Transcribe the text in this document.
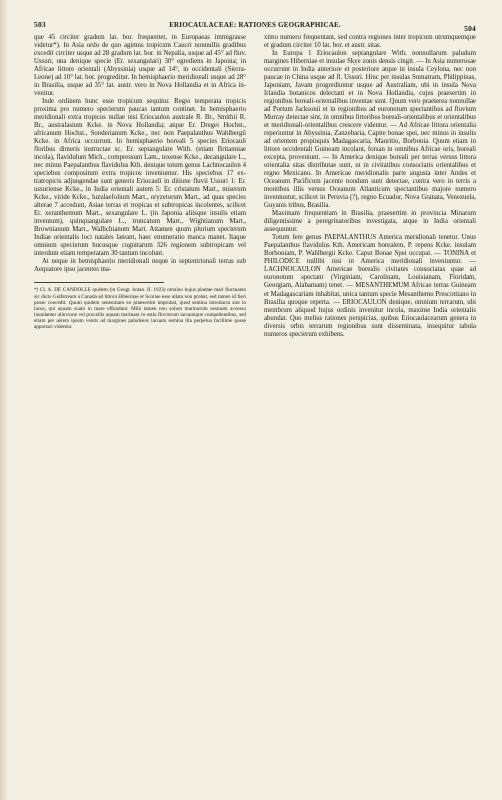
503	ERIOCAULACEAE: RATIONES GEOGRAPHICAE.	504

que 45 circiter gradum lat. bor. frequentet, in Europaeas immigrasse videtur*). In Asia ordo de quo agimus tropicum Caucri nonnullis gradibus excedit circiter usque ad 28 gradum lat. bor. in Nepalia, usque ad 45° ad fluv. Ussuri, una denique specie (Er. sexangulari) 30° egrediens in Japonia; in Africae littore orientali (Abyssinia) usque ad 14°, in occidentali (Sierra-Leone) ad 10° lat. bor. progreditur. In hemisphaerio meridionali usque ad 28° in Brasilia, usque ad 35° lat. austr. vero in Nova Hollandia et in Africa invenitur.

Inde ordinem hunc esse tropicum sequitur. Regio temperata tropicis proxima pro numero specierum paucas tantum continet. In hemisphaerio meridionali extra tropicos nullae nisi Eriocaulon australe R. Br., Smithii R. Br., australasium Kcke. in Nova Hollandia; atque Er. Dregei Hochst., africanum Hochst., Sonderianum Kcke., nec non Paepalanthus Wahlbergii Kcke. in Africa occurrunt. In hemisphaerio boreali 5 species Eriocauli floribus dimeris instructae sc. Er. septangulare With. (etiam Britanniae incola), flavidulum Mich., compressum Lam., texense Kcke., decangulare L., nec minus Paepalanthus flavidulus Kth. denique totum genus Lachnocaulon 4 speciebus compositum extra tropicos inveniuntur. His speciebus 17 extratropicis adjungendae sunt generis Eriocauli in ditione fluvii Ussuri 1: Er. ussuriense Kcke., in India orientali autem 5: Er. cristatum Mart., miserum Kcke., viride Kcke., luzulaefolium Mart., oryzetorum Mart., ad quas species alterae 7 accedunt, Asiae terras et tropicas et subtropicas incolentes, scilicet Er. xeranthemum Mart., sexangulare L. (in Japonia aliisque insulis etiam inventum), quinquangulare L., truncatum Mart., Wightianum Mart., Brownianum Mart., Wallichianum Mart. Attamen quum plurium specierum Indiae orientalis loci natales lateant, haec enumeratio manca manet. Itaque omnium specierum hucusque cognitarum 326 regionem subtropicam vel interdum etiam temperatam 30 tantum incolunt.

At neque in hemisphaerio meridionali neque in septentrionali terras sub Aequatore ipso jacentes ma-

*) Cl. A. DE CANDOLLE quidem (in Geogr. botan. II. 1023) omnino hujus plantae mari fluctuante sic dicto Gulfstream a Canada ad littora Hiberniae et Scotiae esse allata non probat, sed tamen id fieri posse concedit. Quum quidem sententiam eo praesertim improbat, quod semina introducta sint in lacus, qui aquam suam in mare effundunt. Mihi tamen non solum marinorum aestuum accessu inundanter alluvione vel procellis aquam marinam in ostia fluviorum lacuumque compellentibus, sed etiam per aërem ipsum ventis ad margines paludosos lacuum semina illa perpetua facillime posse apportari videntur.

ximo numero frequentant, sed contra regiones inter tropicum utrumquemque et gradum circiter 10 lat. bor. et austr. sitas.

In Europa 1 Eriocaulon septangulare With. nonnullarum paludum margines Hiberniae et insulae Skye zonis densis cingit. — In Asia numerosae occurrunt in India anteriore et posteriore atque in insula Ceylona, nec non paucae in China usque ad fl. Ussuri. Hinc per insulas Sumatram, Philippinas, Japoniam, Javam progrediuntur usque ad Australiam, ubi in insula Nova Irlandia botanicos delectant et in Nova Hollandia, cujus praesertim in regionibus boreali-orientalibus inventae sunt. Quum vero praeterea nonnullae ad Portum Jacksonii et in regionibus ad euronotum spectantibus ad fluvium Murray detectae sint, in omnibus littoribus boreali-orientalibus et orientalibus et meridionali-orientalibus crescere videntur. — Ad Africae littora orientalia reperiuntur in Abyssinia, Zanzebaria, Capite bonae spei, nec minus in insulis ad orientem propinquis Madagascaria, Mauritio, Borbonia. Quum etiam in littore occidentali Guineam incolant, forsan in omnibus Africae oris, boreali excepta, proveniunt. — In America denique boreali per terras versus littora orientalia sitas distributae sunt, ut in civitatibus consociatis orientalibus et regno Mexicano. In Americae meridionalis parte angusta inter Andes et Oceanum Pacificum jacente nondum sunt detectae, contra vero in terris a montibus illis versus Oceanum Atlanticum spectantibus majore numero inveniuntur, scilicet in Peruvia (?), regno Ecuador, Nova Granata, Venezuela, Guyanis tribus, Brasilia.

Maximam frequentiam in Brasilia, praesertim in provincia Minarum diligentissime a peregrinatoribus investigata, atque in India orientali assequuntur.

Totum fere genus PAEPALANTHUS America meridionali tenetur. Unus Paepalanthus flavidulus Kth. Americam borealem, P. repens Kcke. insulam Borboniam, P. Wahlbergii Kcke. Caput Bonae Spei occupat. — TONINA et PHILODICE nullibi nisi in America meridionali inveniuntur. — LACHNOCAULON Americae borealis civitates consociatas quae ad euronotum spectant (Virginiam, Carolinam, Louisianam, Floridam, Georgiam, Alabamam) tenet. — MESANTHEMUM Africae terras Guineam et Madagascariam inhabitat, unica tantum specie Mesanthemo Prescottiano in Brasilia quoque reperta. — ERIOCAULON denique, omnium terrarum, ubi membrum aliquod hujus ordinis invenitur incola, maxime India orientalis abundat. Quo melius rationes perspicias, quibus Eriocaulacearum genera in diversis orbis terrarum regionibus sunt disseminata, insequitur tabula numeros specierum exhibens.
